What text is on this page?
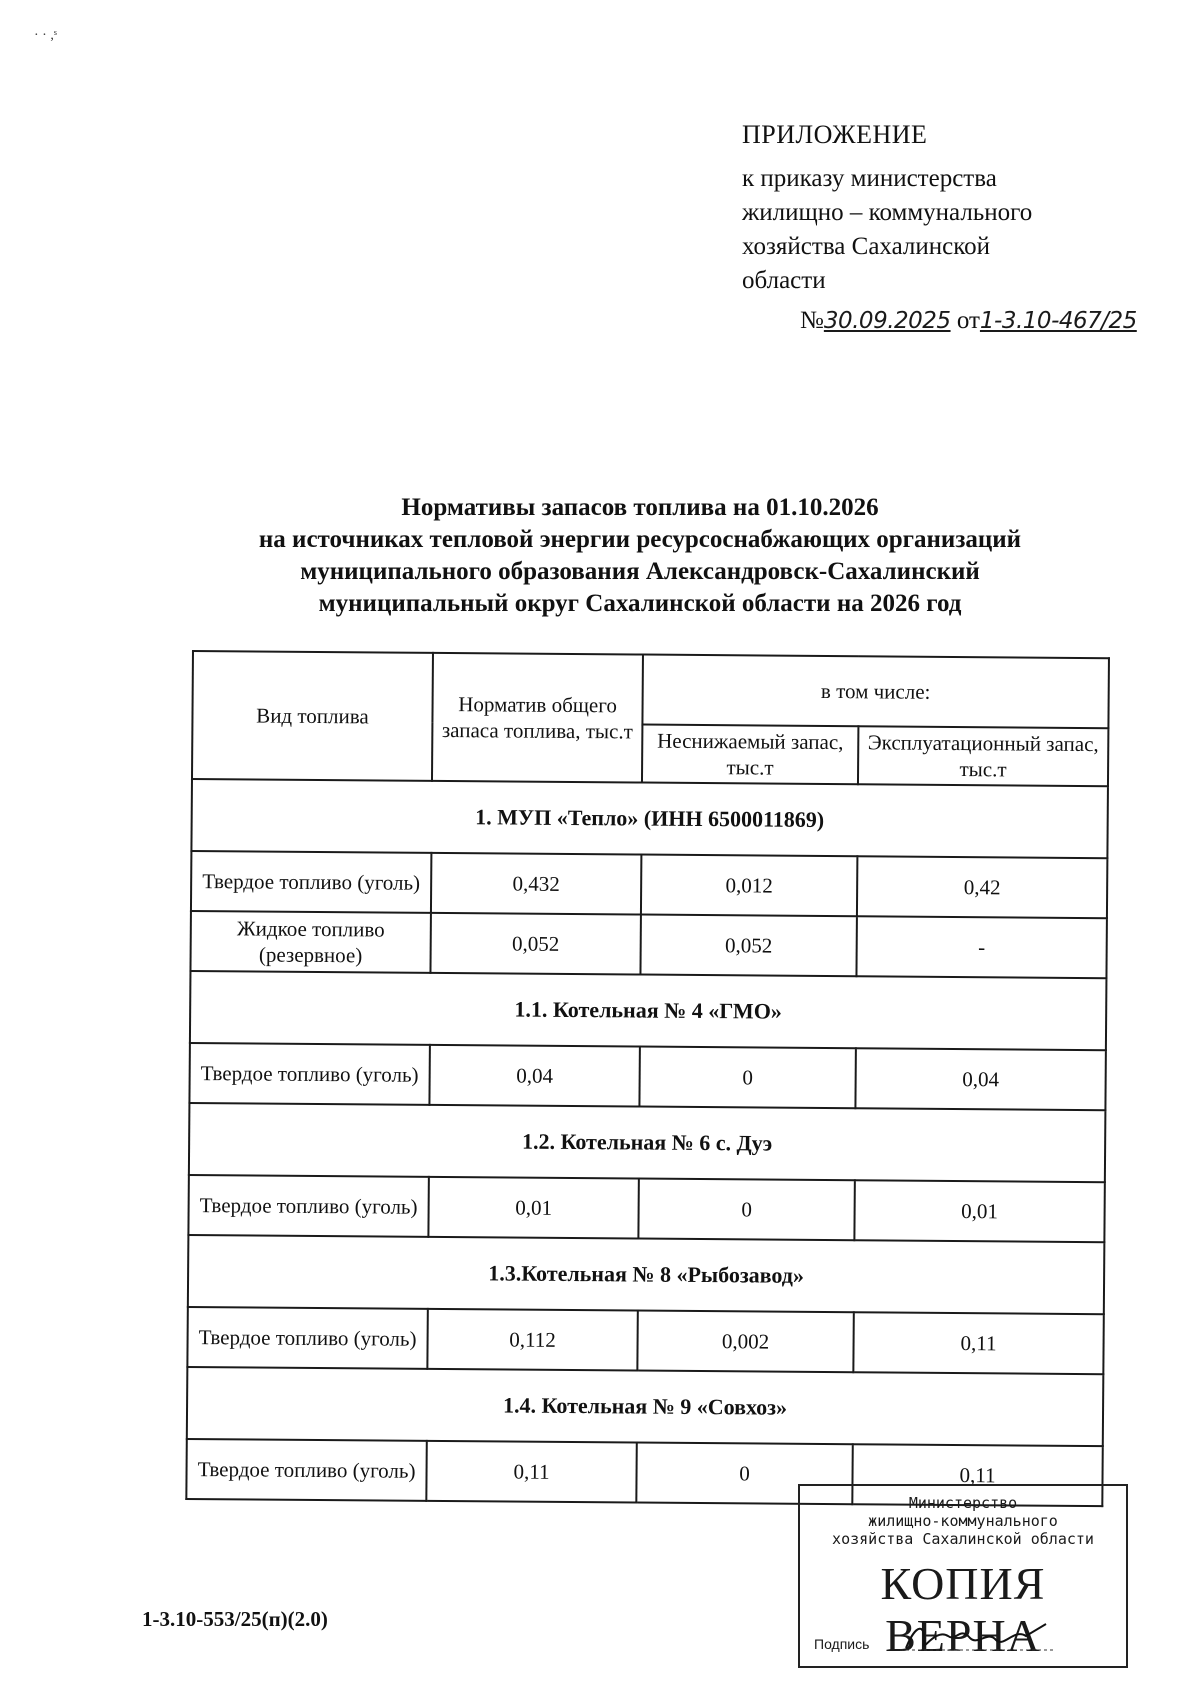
· · ,ˢ
ПРИЛОЖЕНИЕ
к приказу министерства
жилищно – коммунального
хозяйства Сахалинской
области
№30.09.2025 от1-3.10-467/25
Нормативы запасов топлива на 01.10.2026
на источниках тепловой энергии ресурсоснабжающих организаций
муниципального образования Александровск-Сахалинский
муниципальный округ Сахалинской области на 2026 год
Вид топлива	Норматив общего запаса топлива, тыс.т	в том числе:	
		Неснижаемый запас, тыс.т	Эксплуатационный запас, тыс.т
1. МУП «Тепло» (ИНН 6500011869)			
Твердое топливо (уголь)	0,432	0,012	0,42
Жидкое топливо (резервное)	0,052	0,052	-
1.1. Котельная № 4 «ГМО»			
Твердое топливо (уголь)	0,04	0	0,04
1.2. Котельная № 6 с. Дуэ			
Твердое топливо (уголь)	0,01	0	0,01
1.3.Котельная № 8 «Рыбозавод»			
Твердое топливо (уголь)	0,112	0,002	0,11
1.4. Котельная № 9 «Совхоз»			
Твердое топливо (уголь)	0,11	0	0,11
1-3.10-553/25(п)(2.0)
Министерство
жилищно-коммунального
хозяйства Сахалинской области
КОПИЯ ВЕРНА
Подпись
